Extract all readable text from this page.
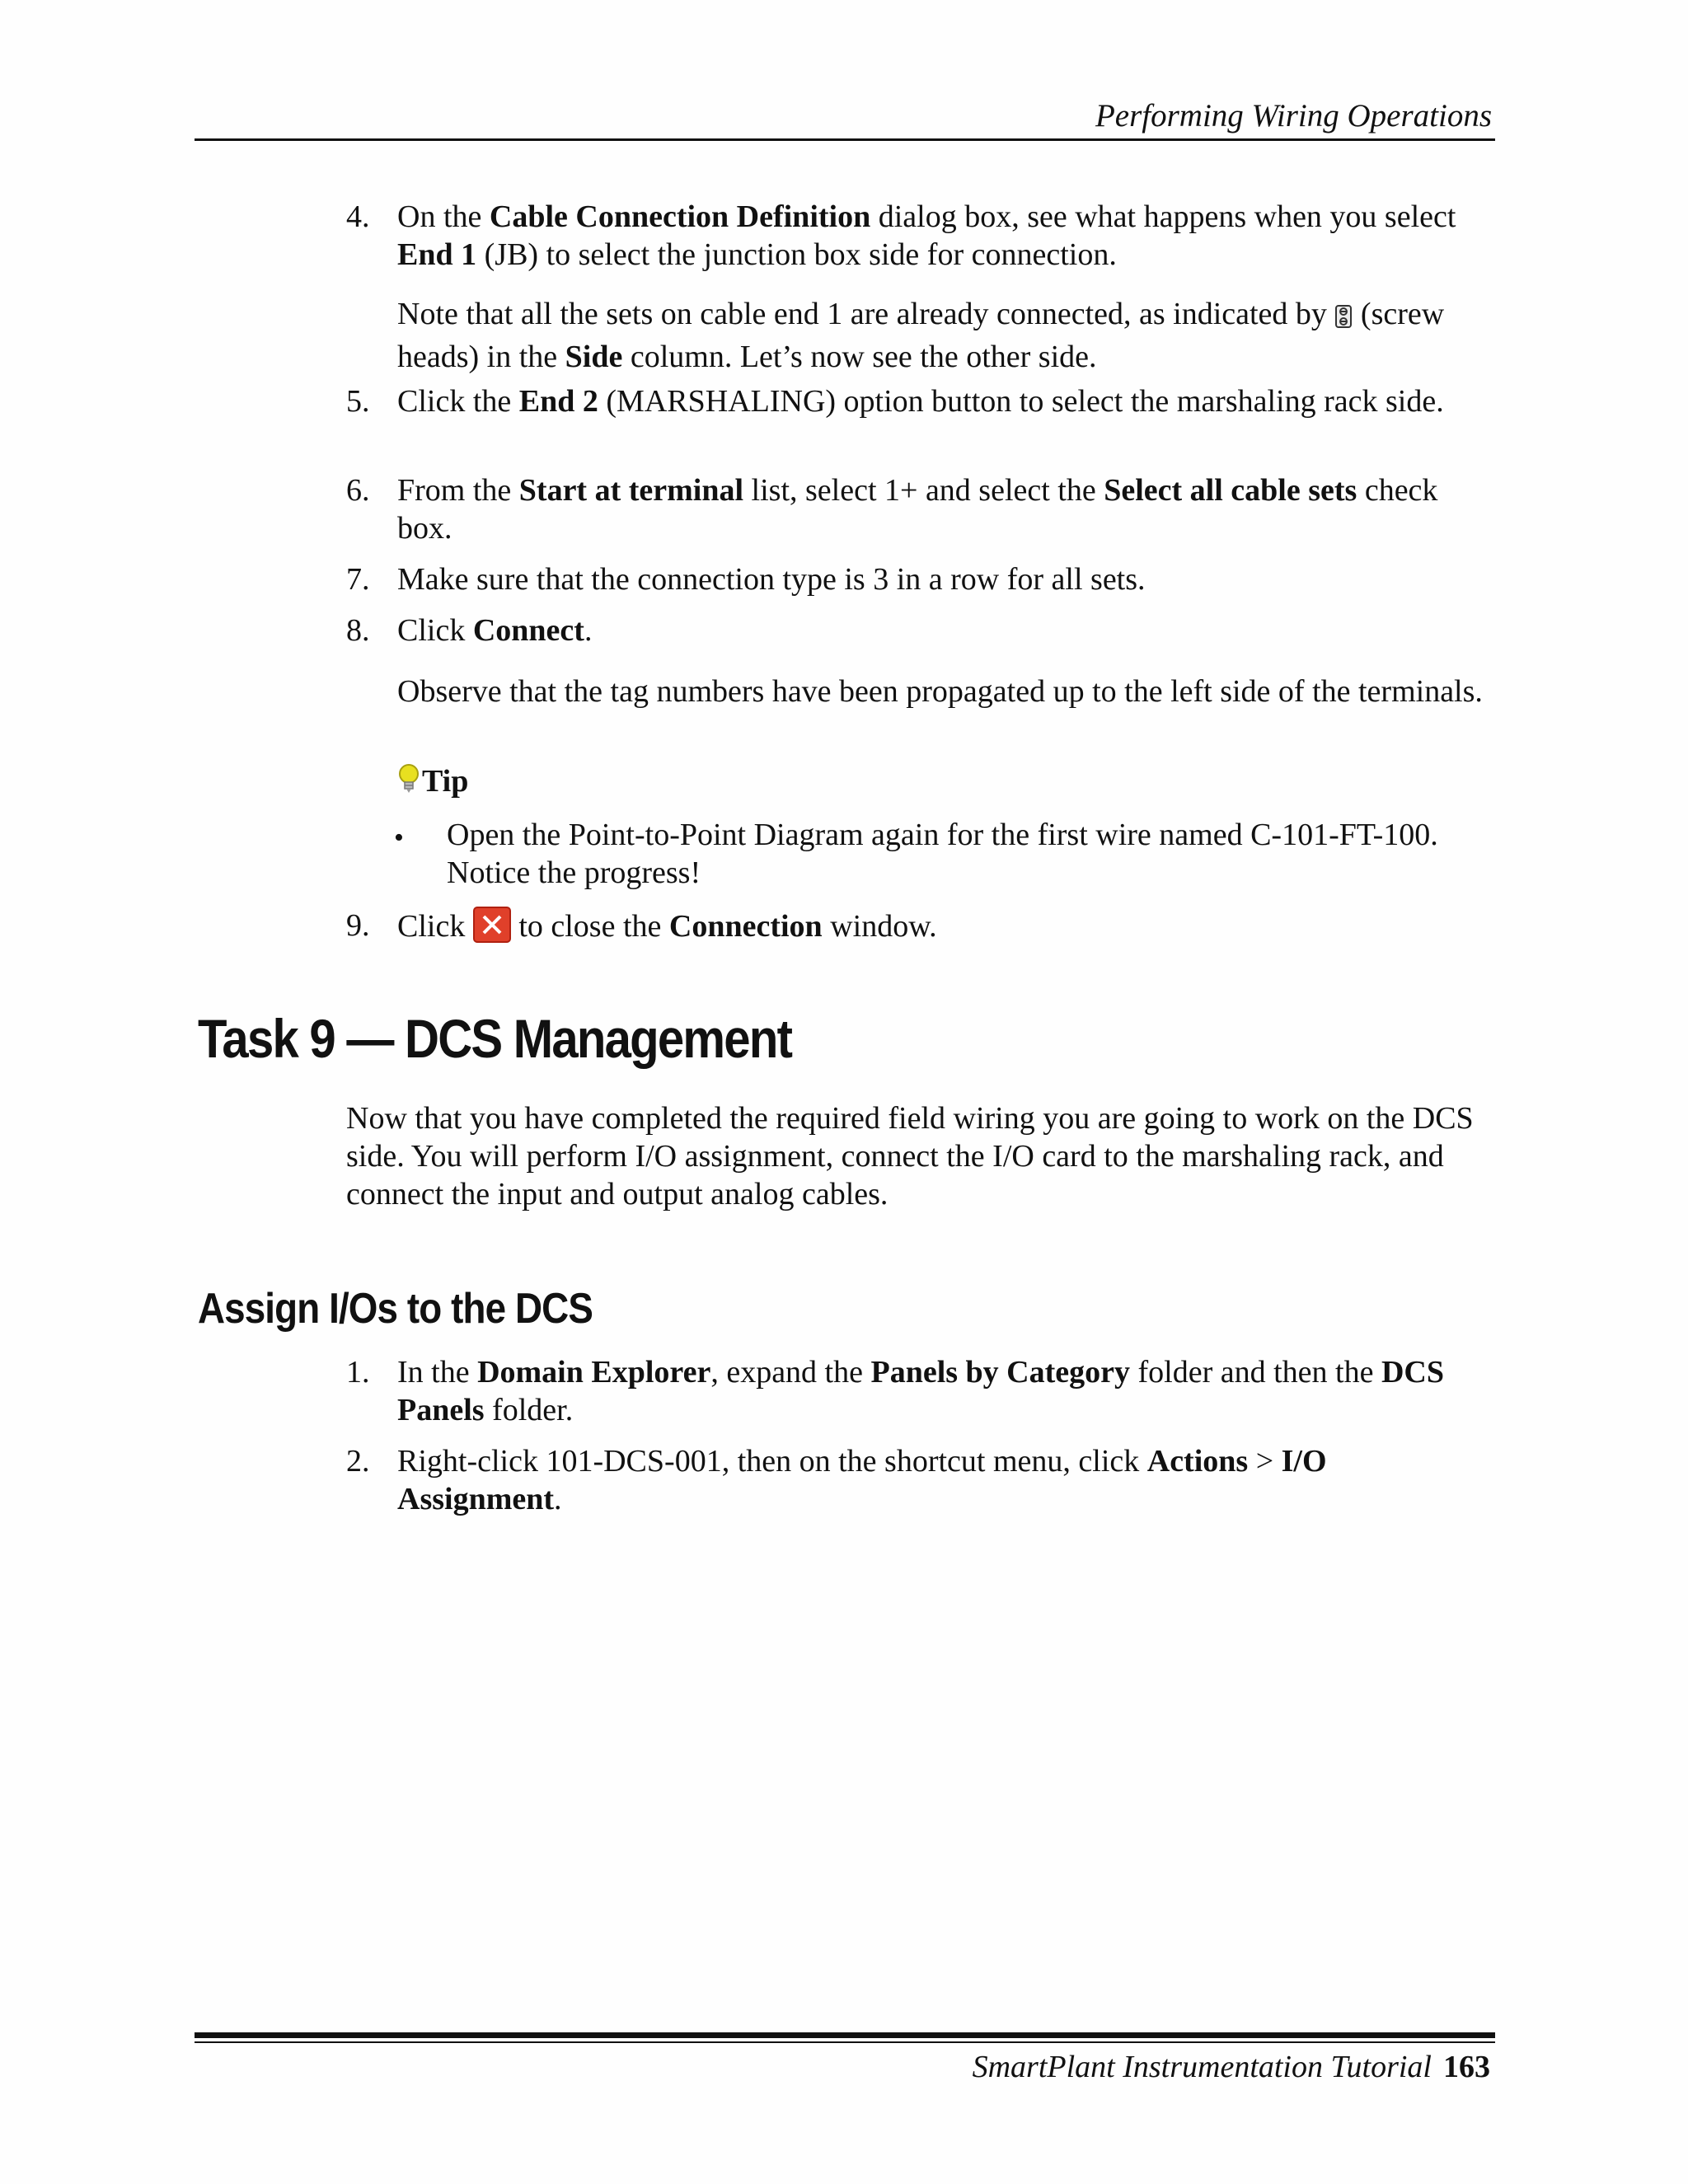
Performing Wiring Operations
4. On the Cable Connection Definition dialog box, see what happens when you select End 1 (JB) to select the junction box side for connection.
Note that all the sets on cable end 1 are already connected, as indicated by  (screw heads) in the Side column. Let’s now see the other side.
5. Click the End 2 (MARSHALING) option button to select the marshaling rack side.
6. From the Start at terminal list, select 1+ and select the Select all cable sets check box.
7. Make sure that the connection type is 3 in a row for all sets.
8. Click Connect.
Observe that the tag numbers have been propagated up to the left side of the terminals.
Tip
• Open the Point-to-Point Diagram again for the first wire named C-101-FT-100. Notice the progress!
9. Click  to close the Connection window.
Task 9 — DCS Management
Now that you have completed the required field wiring you are going to work on the DCS side. You will perform I/O assignment, connect the I/O card to the marshaling rack, and connect the input and output analog cables.
Assign I/Os to the DCS
1. In the Domain Explorer, expand the Panels by Category folder and then the DCS Panels folder.
2. Right-click 101-DCS-001, then on the shortcut menu, click Actions > I/O Assignment.
SmartPlant Instrumentation Tutorial 163
